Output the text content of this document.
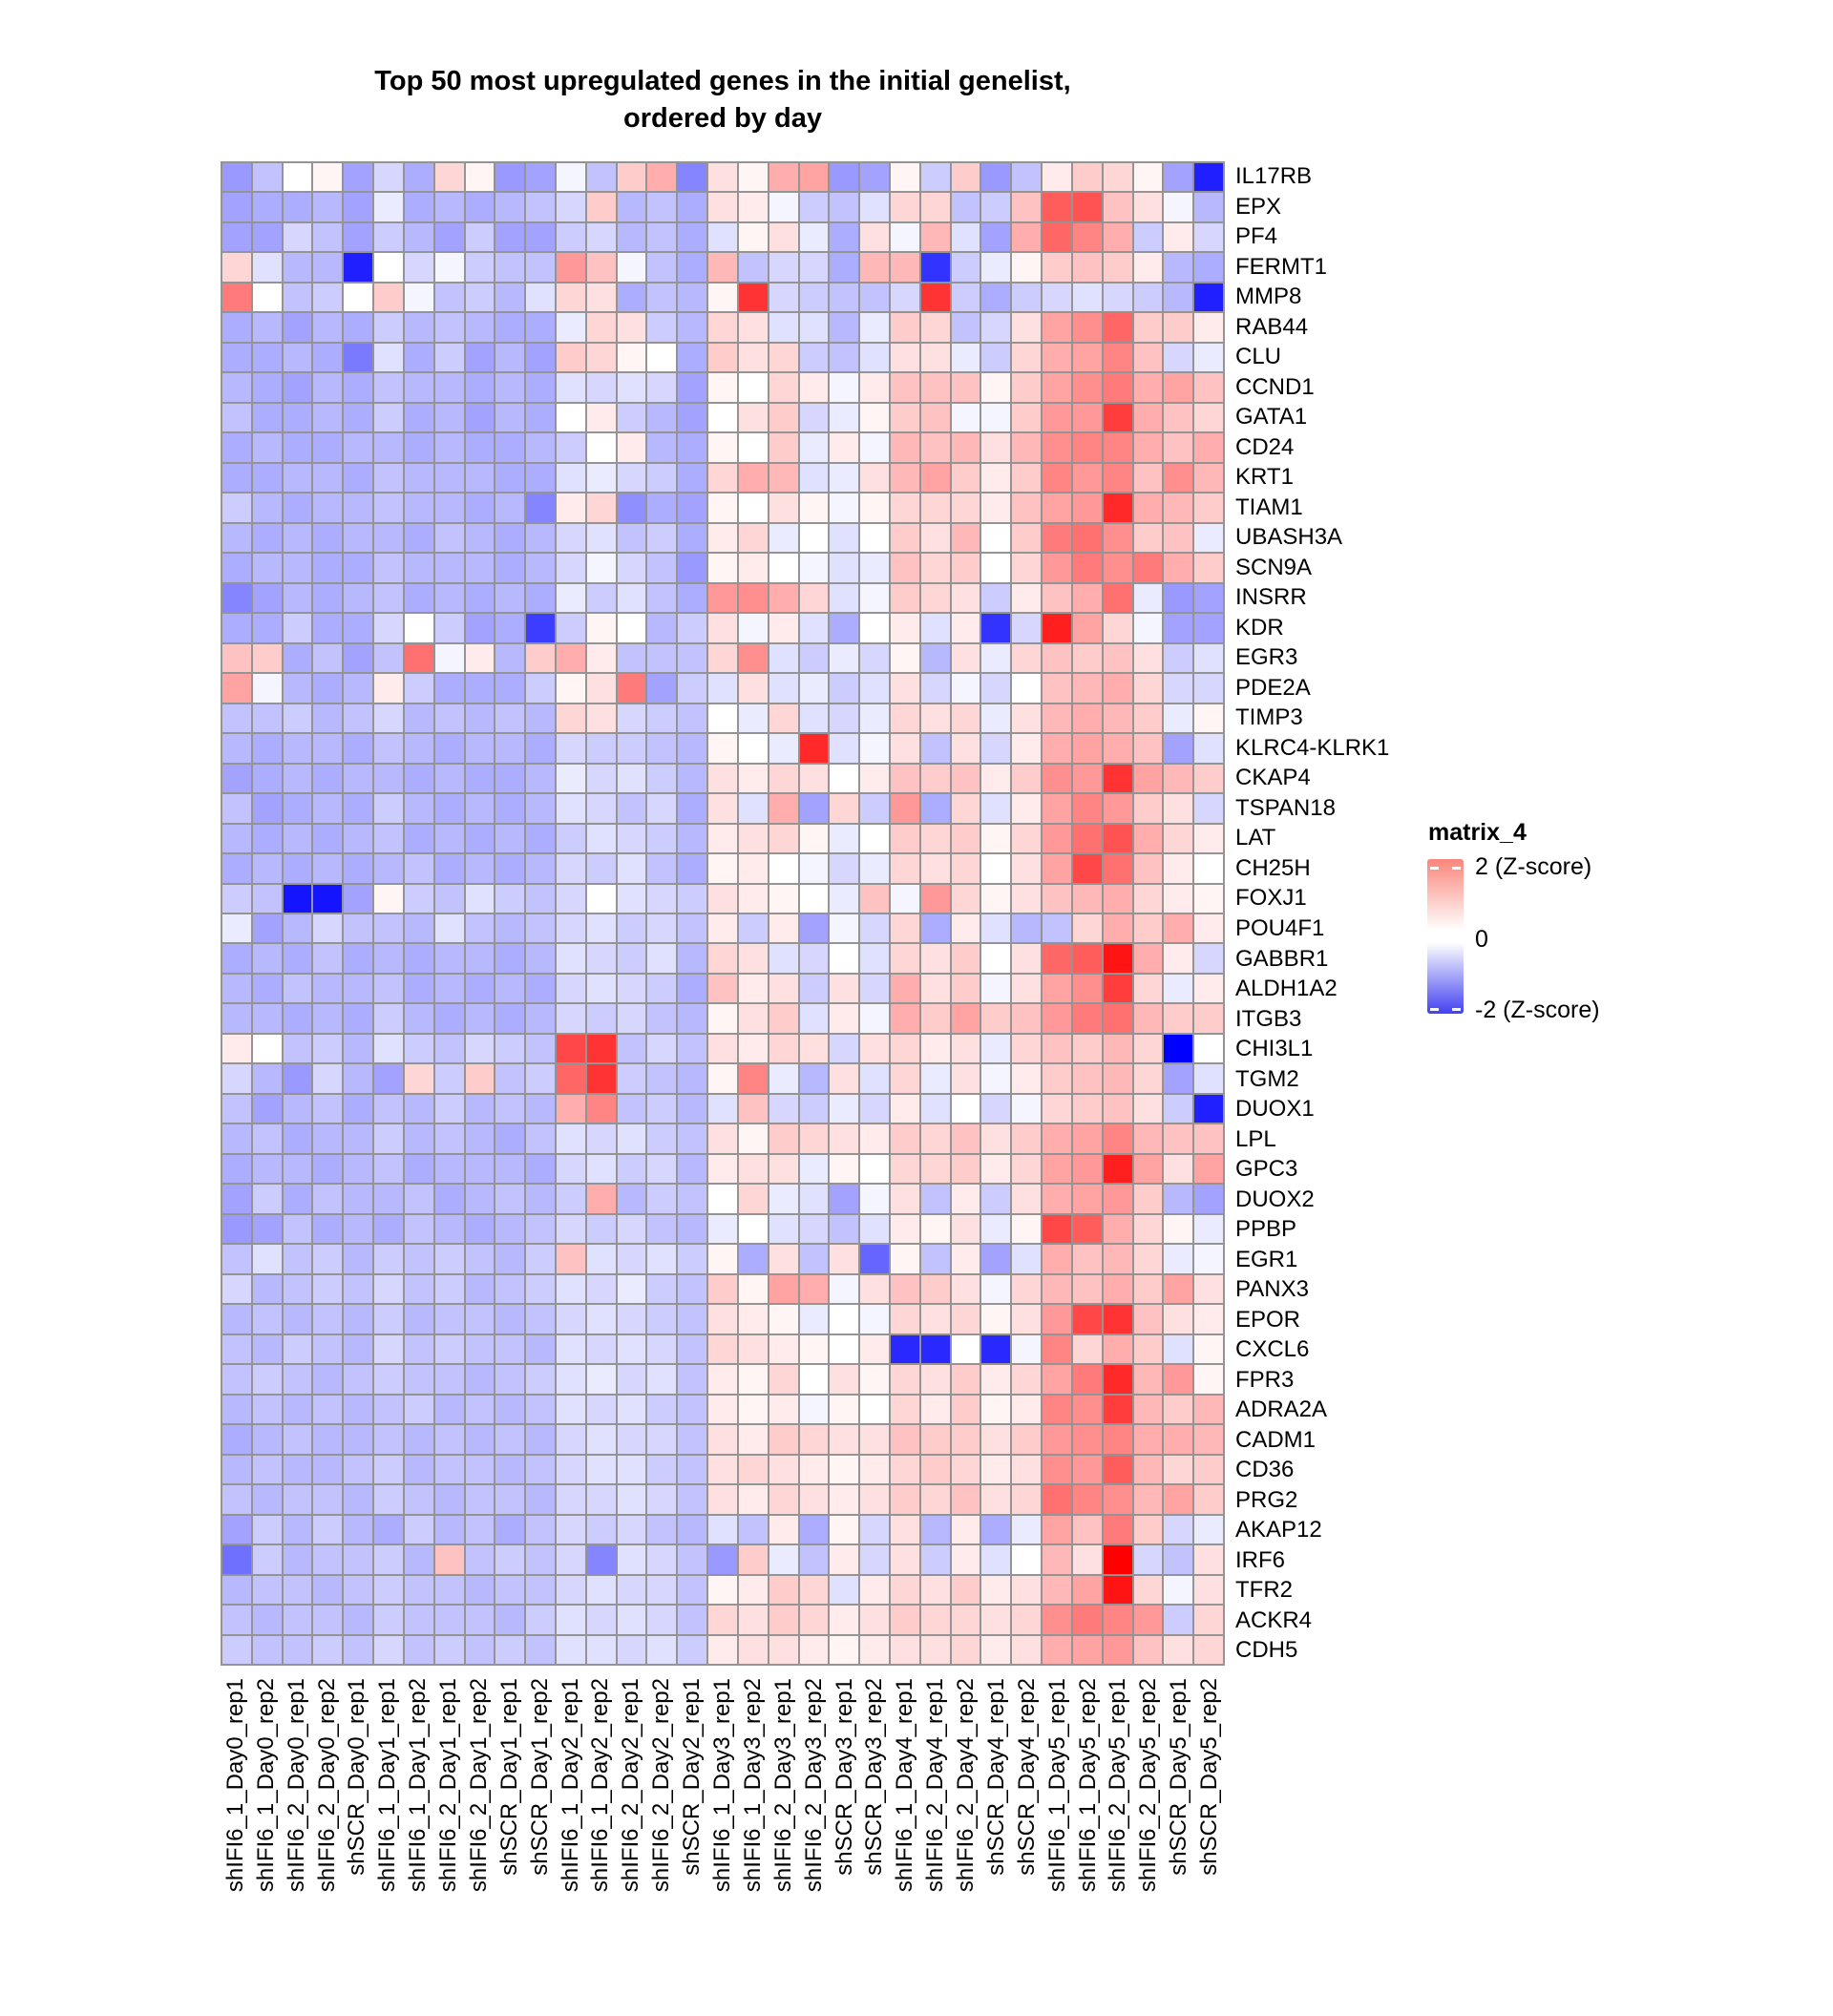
Top 50 most upregulated genes in the initial genelist,
ordered by day
IL17RB
EPX
PF4
FERMT1
MMP8
RAB44
CLU
CCND1
GATA1
CD24
KRT1
TIAM1
UBASH3A
SCN9A
INSRR
KDR
EGR3
PDE2A
TIMP3
KLRC4-KLRK1
CKAP4
TSPAN18
LAT
CH25H
FOXJ1
POU4F1
GABBR1
ALDH1A2
ITGB3
CHI3L1
TGM2
DUOX1
LPL
GPC3
DUOX2
PPBP
EGR1
PANX3
EPOR
CXCL6
FPR3
ADRA2A
CADM1
CD36
PRG2
AKAP12
IRF6
TFR2
ACKR4
CDH5
shIFI6_1_Day0_rep1 shIFI6_1_Day0_rep2 shIFI6_2_Day0_rep1 shIFI6_2_Day0_rep2 shSCR_Day0_rep1 shIFI6_1_Day1_rep1 shIFI6_1_Day1_rep2 shIFI6_2_Day1_rep1 shIFI6_2_Day1_rep2 shSCR_Day1_rep1 shSCR_Day1_rep2 shIFI6_1_Day2_rep1 shIFI6_1_Day2_rep2 shIFI6_2_Day2_rep1 shIFI6_2_Day2_rep2 shSCR_Day2_rep1 shIFI6_1_Day3_rep1 shIFI6_1_Day3_rep2 shIFI6_2_Day3_rep1 shIFI6_2_Day3_rep2 shSCR_Day3_rep1 shSCR_Day3_rep2 shIFI6_1_Day4_rep1 shIFI6_2_Day4_rep1 shIFI6_2_Day4_rep2 shSCR_Day4_rep1 shSCR_Day4_rep2 shIFI6_1_Day5_rep1 shIFI6_1_Day5_rep2 shIFI6_2_Day5_rep1 shIFI6_2_Day5_rep2 shSCR_Day5_rep1 shSCR_Day5_rep2
matrix_4
2 (Z-score)
0
-2 (Z-score)
